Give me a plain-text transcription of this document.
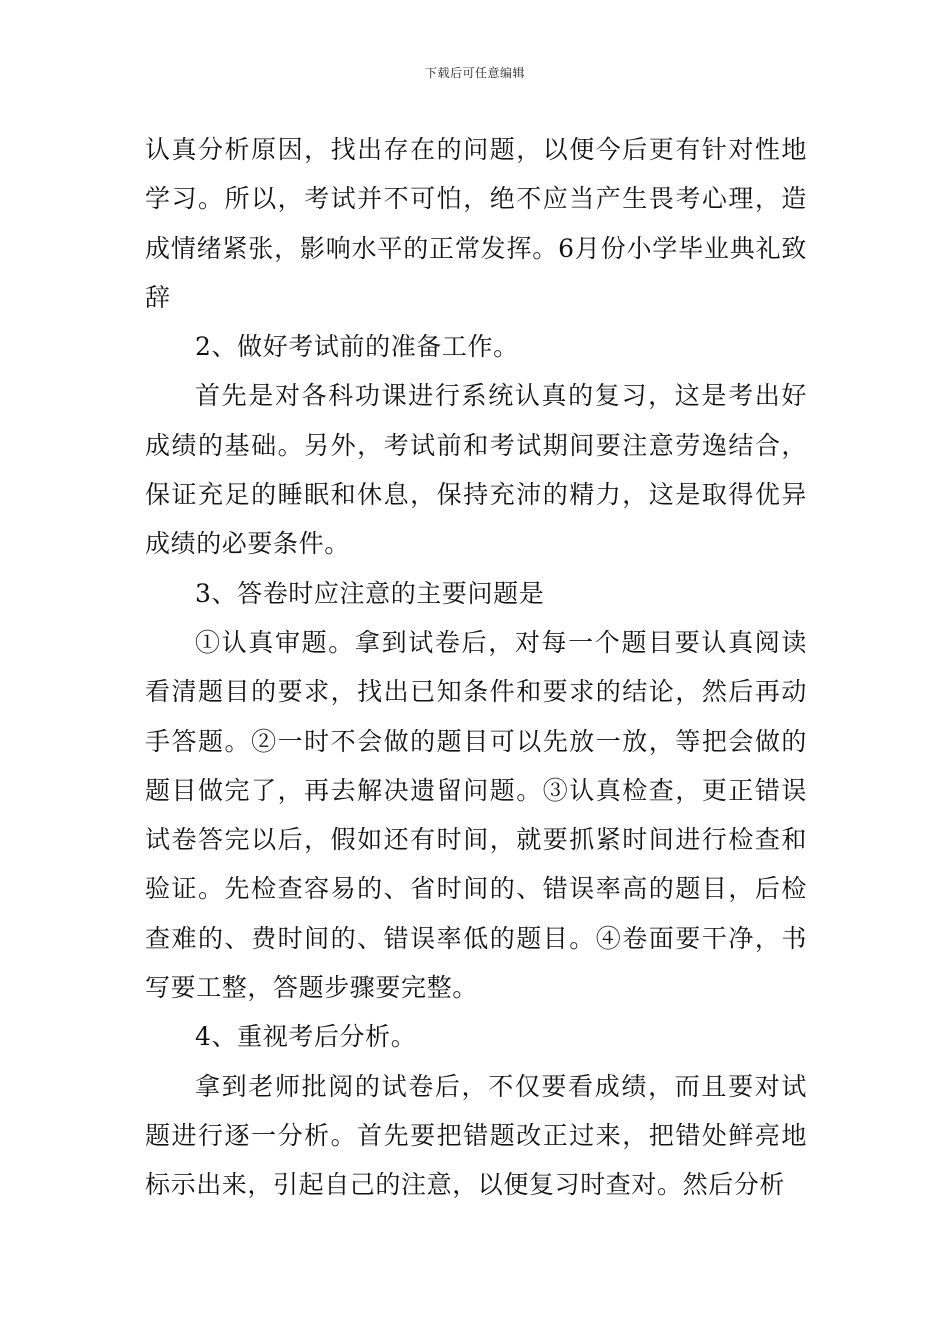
下载后可任意编辑

认真分析原因，找出存在的问题，以便今后更有针对性地学习。所以，考试并不可怕，绝不应当产生畏考心理，造成情绪紧张，影响水平的正常发挥。6月份小学毕业典礼致辞

2、做好考试前的准备工作。

首先是对各科功课进行系统认真的复习，这是考出好成绩的基础。另外，考试前和考试期间要注意劳逸结合，保证充足的睡眠和休息，保持充沛的精力，这是取得优异成绩的必要条件。

3、答卷时应注意的主要问题是

①认真审题。拿到试卷后，对每一个题目要认真阅读看清题目的要求，找出已知条件和要求的结论，然后再动手答题。②一时不会做的题目可以先放一放，等把会做的题目做完了，再去解决遗留问题。③认真检查，更正错误试卷答完以后，假如还有时间，就要抓紧时间进行检查和验证。先检查容易的、省时间的、错误率高的题目，后检查难的、费时间的、错误率低的题目。④卷面要干净，书写要工整，答题步骤要完整。

4、重视考后分析。

拿到老师批阅的试卷后，不仅要看成绩，而且要对试题进行逐一分析。首先要把错题改正过来，把错处鲜亮地标示出来，引起自己的注意，以便复习时查对。然后分析
